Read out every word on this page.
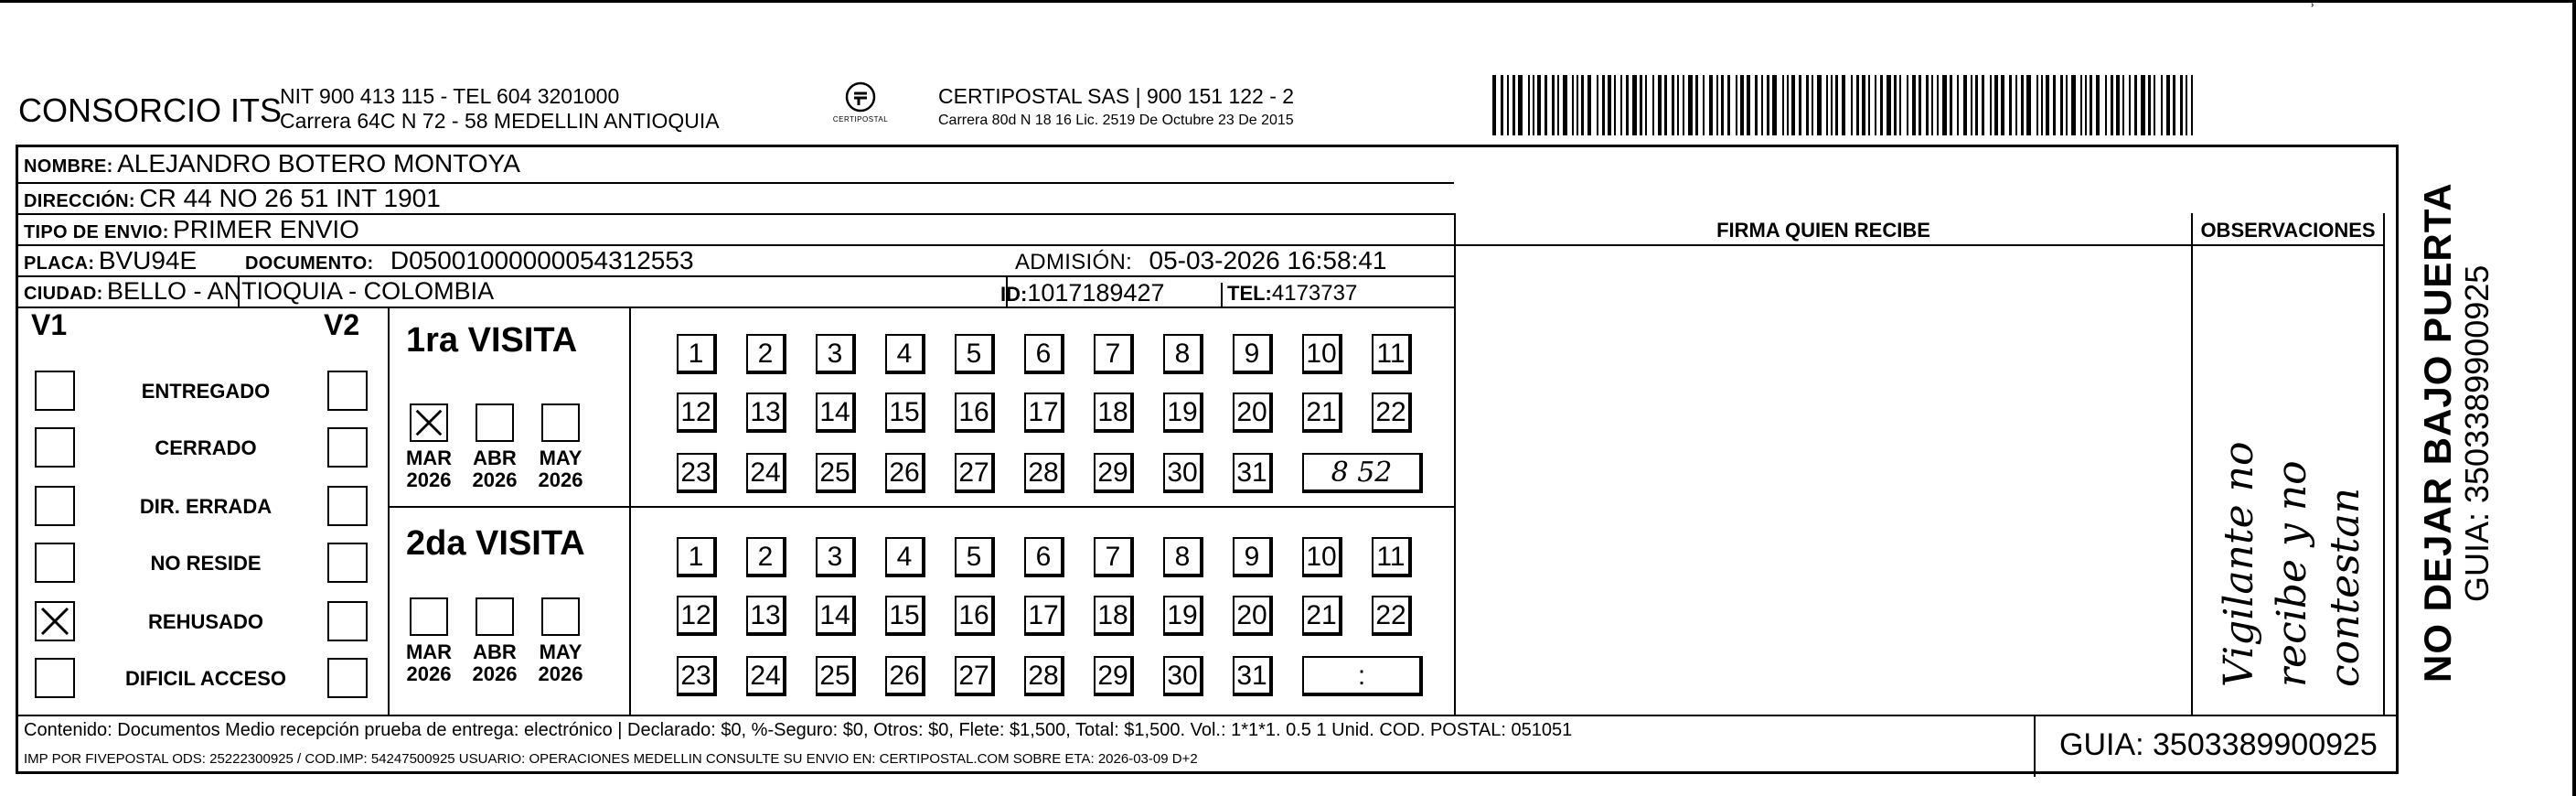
ʾ
CONSORCIO ITS
NIT 900 413 115 - TEL 604 3201000
Carrera 64C N 72 - 58 MEDELLIN ANTIOQUIA	CERTIPOSTAL
CERTIPOSTAL SAS | 900 151 122 - 2
Carrera 80d N 18 16 Lic. 2519 De Octubre 23 De 2015
NOMBRE: ALEJANDRO BOTERO MONTOYA
DIRECCIÓN: CR 44 NO 26 51 INT 1901
TIPO DE ENVIO: PRIMER ENVIO
PLACA: BVU94E	DOCUMENTO: D05001000000054312553	ADMISIÓN: 05-03-2026 16:58:41
CIUDAD: BELLO - ANTIOQUIA - COLOMBIA	ID:1017189427	TEL:4173737
FIRMA QUIEN RECIBE	OBSERVACIONES
Vigilante no recibe y no contestan
V1	V2
ENTREGADO
CERRADO
DIR. ERRADA
NO RESIDE
REHUSADO
DIFICIL ACCESO
1ra VISITA
MAR
2026
ABR
2026
MAY
2026
1	2	3	4	5	6	7	8	9	10 11
12 13 14 15 16 17 18 19 20 21 22
23 24 25 26 27 28 29 30 31	8 52
2da VISITA
MAR
2026
ABR
2026
MAY
2026
1	2	3	4	5	6	7	8	9	10 11
12 13 14 15 16 17 18 19 20 21 22
23 24 25 26 27 28 29 30 31	:
Contenido: Documentos Medio recepción prueba de entrega: electrónico | Declarado: $0, %-Seguro: $0, Otros: $0, Flete: $1,500, Total: $1,500. Vol.: 1*1*1. 0.5 1 Unid. COD. POSTAL: 051051
IMP POR FIVEPOSTAL ODS: 25222300925 / COD.IMP: 54247500925 USUARIO: OPERACIONES MEDELLIN CONSULTE SU ENVIO EN: CERTIPOSTAL.COM SOBRE ETA: 2026-03-09 D+2	GUIA: 3503389900925
NO DEJAR BAJO PUERTA GUIA: 3503389900925
